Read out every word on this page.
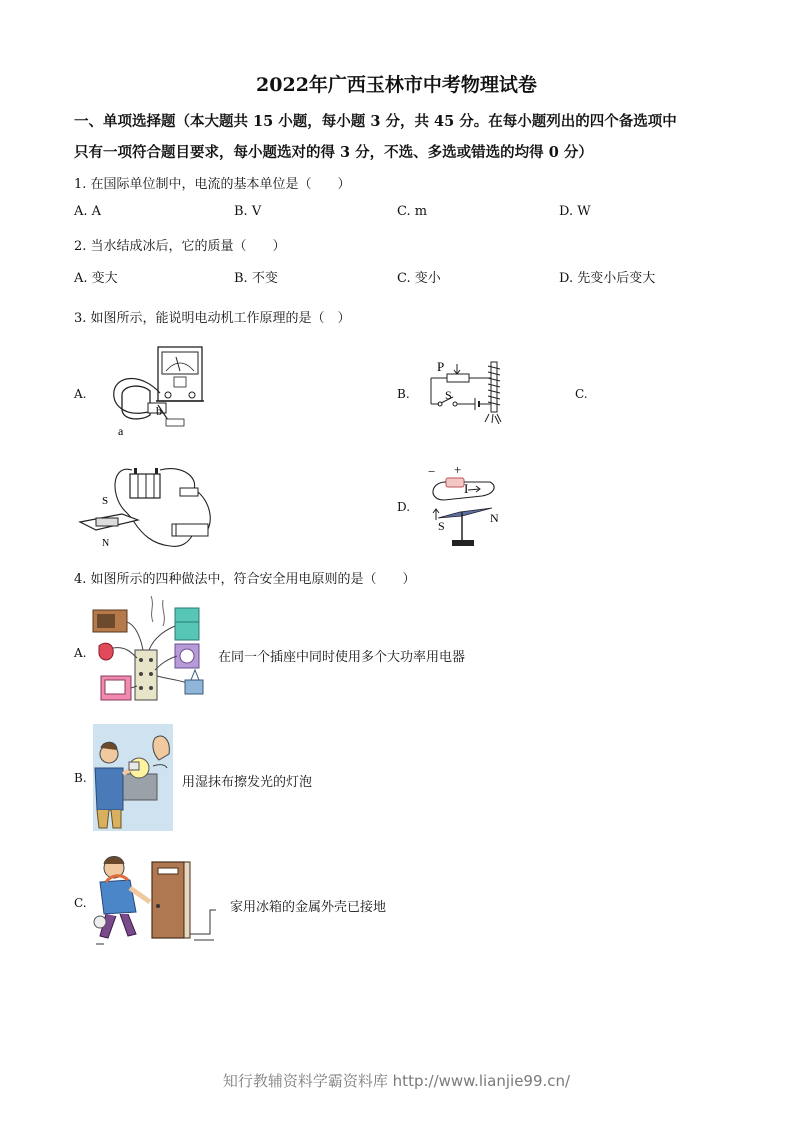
2022年广西玉林市中考物理试卷
一、单项选择题（本大题共 15 小题，每小题 3 分，共 45 分。在每小题列出的四个备选项中
只有一项符合题目要求，每小题选对的得 3 分，不选、多选或错选的均得 0 分）
1. 在国际单位制中，电流的基本单位是（　　）
A. A	B. V	C. m	D. W
2. 当水结成冰后，它的质量（　　）
A. 变大	B. 不变	C. 变小	D. 先变小后变大
3. 如图所示，能说明电动机工作原理的是（　）
A.	B.	C.
D.
a
b
P
S
S
N
− +
I
S
N
4. 如图所示的四种做法中，符合安全用电原则的是（　　）
A.	在同一个插座中同时使用多个大功率用电器
B.	用湿抹布擦发光的灯泡
C.	家用冰箱的金属外壳已接地
知行教辅资料学霸资料库 http://www.lianjie99.cn/
